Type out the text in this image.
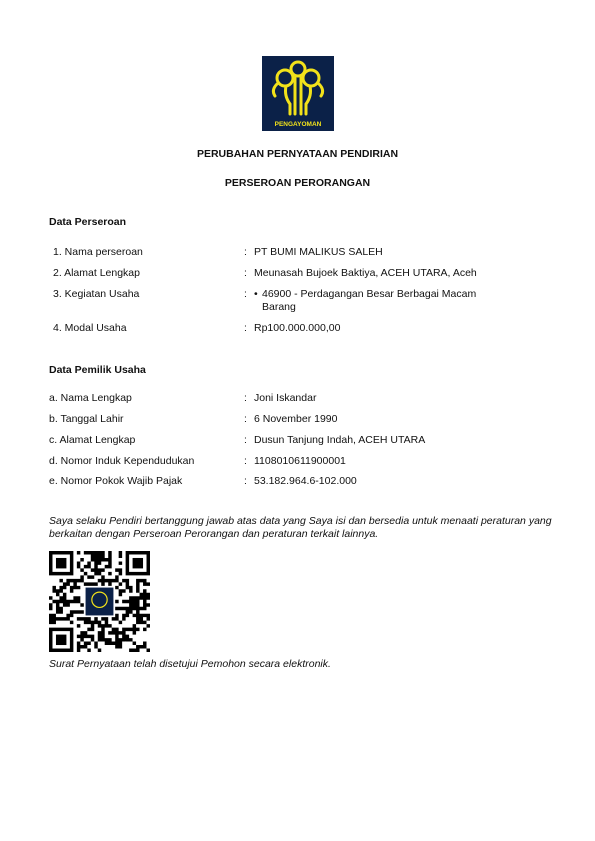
PENGAYOMAN
PERUBAHAN PERNYATAAN PENDIRIAN
PERSEROAN PERORANGAN
Data Perseroan
1. Nama perseroan	: PT BUMI MALIKUS SALEH
2. Alamat Lengkap	: Meunasah Bujoek Baktiya, ACEH UTARA, Aceh
3. Kegiatan Usaha	: • 46900 - Perdagangan Besar Berbagai Macam
Barang
4. Modal Usaha	: Rp100.000.000,00
Data Pemilik Usaha
a. Nama Lengkap	: Joni Iskandar
b. Tanggal Lahir	: 6 November 1990
c. Alamat Lengkap	: Dusun Tanjung Indah, ACEH UTARA
d. Nomor Induk Kependudukan	: 1108010611900001
e. Nomor Pokok Wajib Pajak	: 53.182.964.6-102.000
Saya selaku Pendiri bertanggung jawab atas data yang Saya isi dan bersedia untuk menaati peraturan yang berkaitan dengan Perseroan Perorangan dan peraturan terkait lainnya.
Surat Pernyataan telah disetujui Pemohon secara elektronik.
